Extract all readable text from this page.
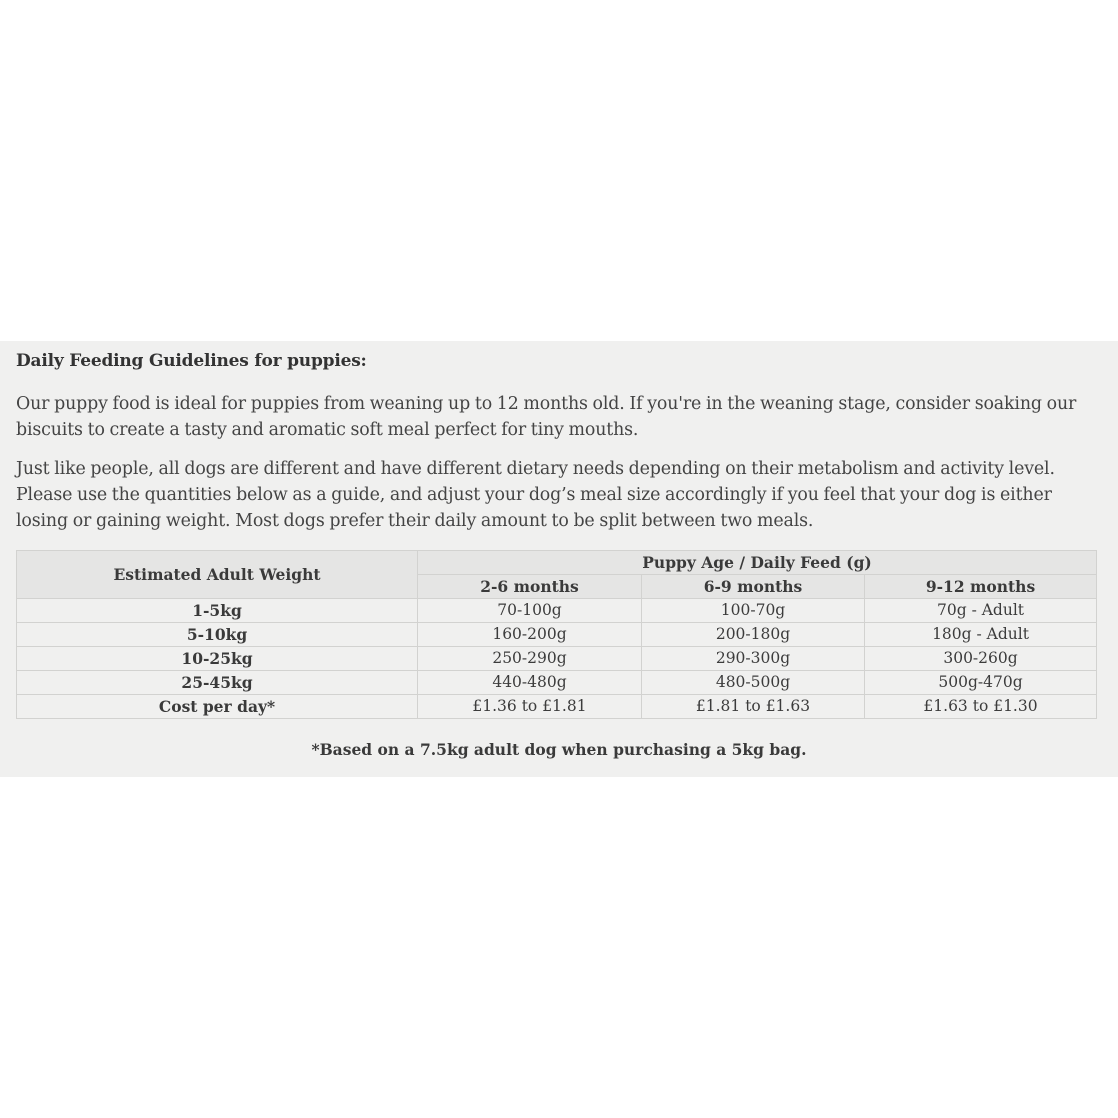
Daily Feeding Guidelines for puppies:

Our puppy food is ideal for puppies from weaning up to 12 months old. If you're in the weaning stage, consider soaking our biscuits to create a tasty and aromatic soft meal perfect for tiny mouths.

Just like people, all dogs are different and have different dietary needs depending on their metabolism and activity level. Please use the quantities below as a guide, and adjust your dog’s meal size accordingly if you feel that your dog is either losing or gaining weight. Most dogs prefer their daily amount to be split between two meals.

Estimated Adult Weight	Puppy Age / Daily Feed (g)		
	2-6 months	6-9 months	9-12 months
1-5kg	70-100g	100-70g	70g - Adult
5-10kg	160-200g	200-180g	180g - Adult
10-25kg	250-290g	290-300g	300-260g
25-45kg	440-480g	480-500g	500g-470g
Cost per day*	£1.36 to £1.81	£1.81 to £1.63	£1.63 to £1.30

*Based on a 7.5kg adult dog when purchasing a 5kg bag.
